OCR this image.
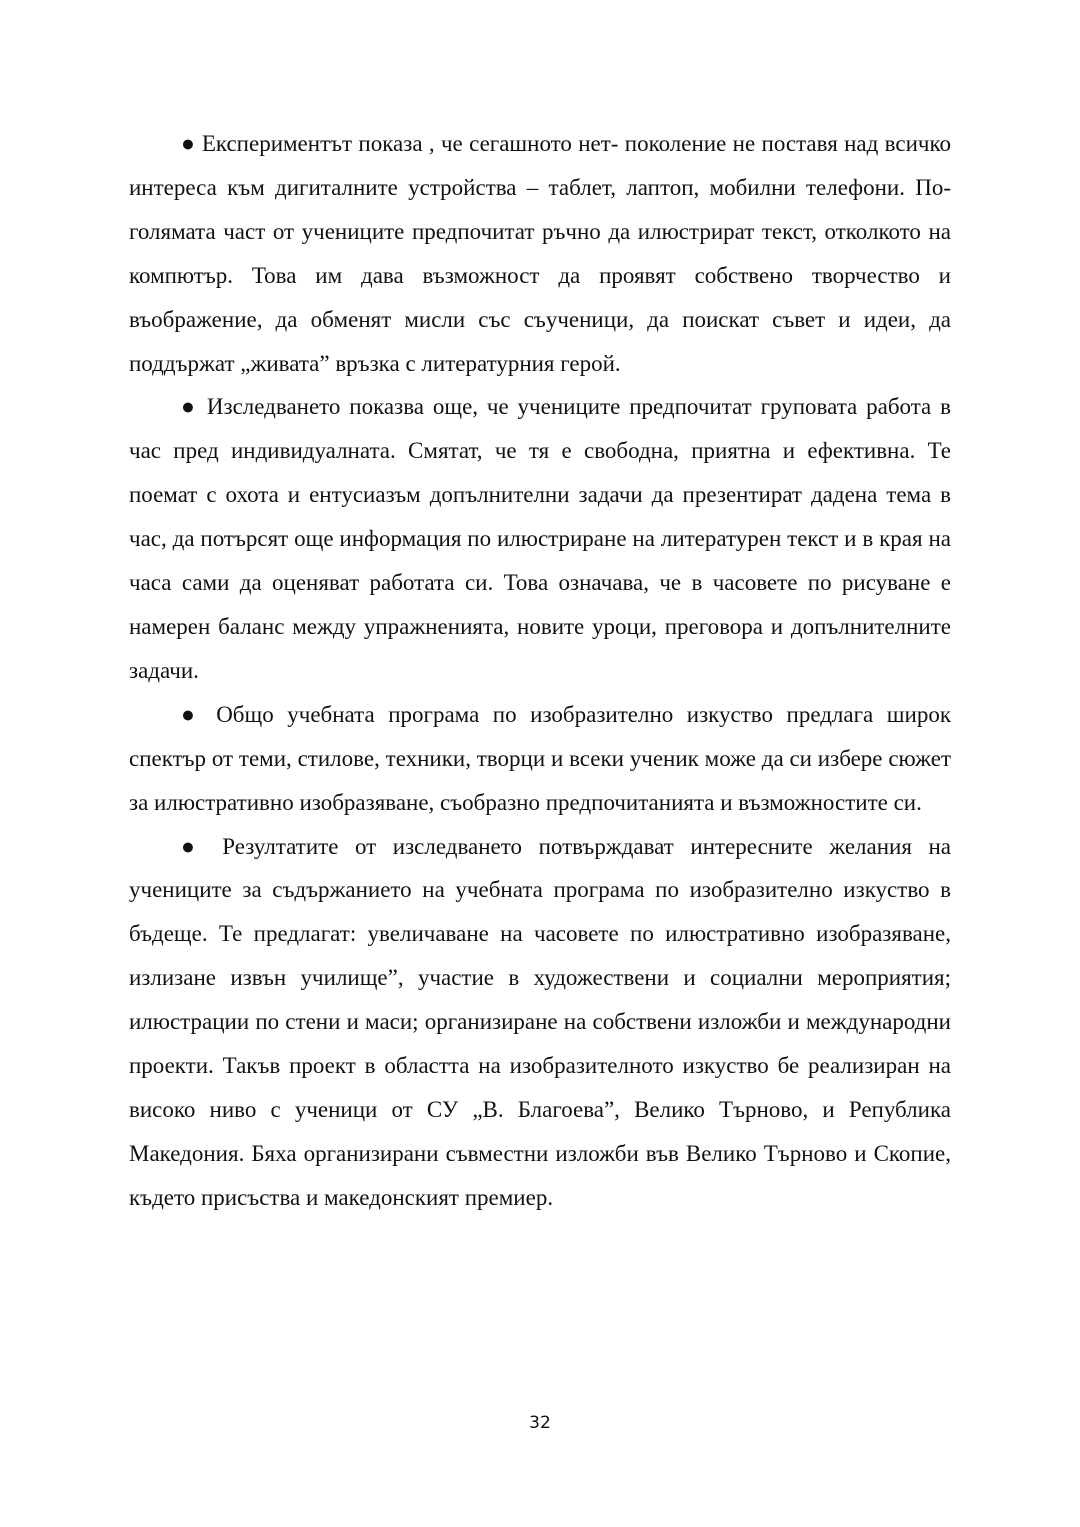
● Експериментът показа , че сегашното нет- поколение не поставя над всичко интереса към дигиталните устройства – таблет, лаптоп, мобилни телефони. По-голямата част от учениците предпочитат ръчно да илюстрират текст, отколкото на компютър. Това им дава възможност да проявят собствено творчество и въображение, да обменят мисли със съученици, да поискат съвет и идеи, да поддържат „живата” връзка с литературния герой.

● Изследването показва още, че учениците предпочитат груповата работа в час пред индивидуалната. Смятат, че тя е свободна, приятна и ефективна. Те поемат с охота и ентусиазъм допълнителни задачи да презентират дадена тема в час, да потърсят още информация по илюстриране на литературен текст и в края на часа сами да оценяват работата си. Това означава, че в часовете по рисуване е намерен баланс между упражненията, новите уроци, преговора и допълнителните задачи.

● Общо учебната програма по изобразително изкуство предлага широк спектър от теми, стилове, техники, творци и всеки ученик може да си избере сюжет за илюстративно изобразяване, съобразно предпочитанията и възможностите си.

● Резултатите от изследването потвърждават интересните желания на учениците за съдържанието на учебната програма по изобразително изкуство в бъдеще. Те предлагат: увеличаване на часовете по илюстративно изобразяване, излизане извън училище”, участие в художествени и социални мероприятия; илюстрации по стени и маси; организиране на собствени изложби и международни проекти. Такъв проект в областта на изобразителното изкуство бе реализиран на високо ниво с ученици от СУ „В. Благоева”, Велико Търново, и Република Македония. Бяха организирани съвместни изложби във Велико Търново и Скопие, където присъства и македонският премиер.

32
